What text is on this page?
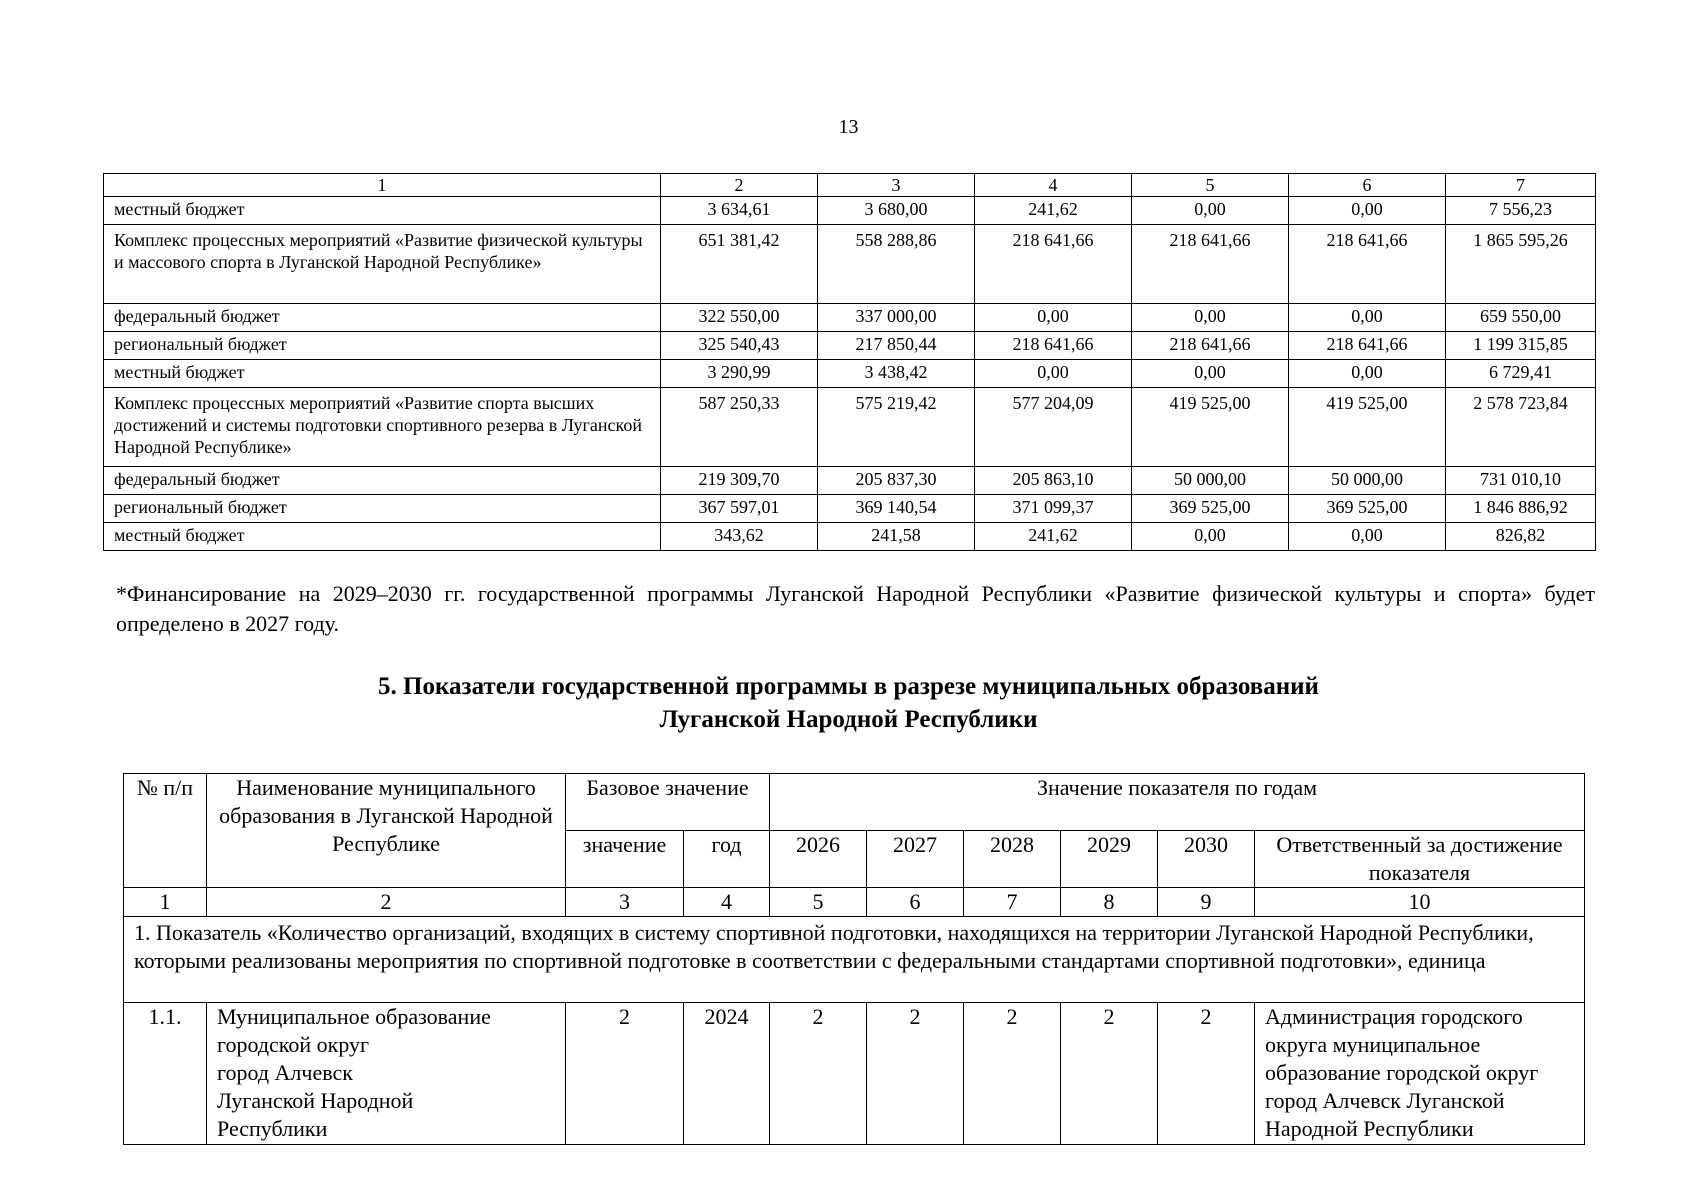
13
1	2	3	4	5	6	7
местный бюджет	3 634,61	3 680,00	241,62	0,00	0,00	7 556,23
Комплекс процессных мероприятий «Развитие физической культуры и массового спорта в Луганской Народной Республике»	651 381,42	558 288,86	218 641,66	218 641,66	218 641,66	1 865 595,26
федеральный бюджет	322 550,00	337 000,00	0,00	0,00	0,00	659 550,00
региональный бюджет	325 540,43	217 850,44	218 641,66	218 641,66	218 641,66	1 199 315,85
местный бюджет	3 290,99	3 438,42	0,00	0,00	0,00	6 729,41
Комплекс процессных мероприятий «Развитие спорта высших достижений и системы подготовки спортивного резерва в Луганской Народной Республике»	587 250,33	575 219,42	577 204,09	419 525,00	419 525,00	2 578 723,84
федеральный бюджет	219 309,70	205 837,30	205 863,10	50 000,00	50 000,00	731 010,10
региональный бюджет	367 597,01	369 140,54	371 099,37	369 525,00	369 525,00	1 846 886,92
местный бюджет	343,62	241,58	241,62	0,00	0,00	826,82
*Финансирование на 2029–2030 гг. государственной программы Луганской Народной Республики «Развитие физической культуры и спорта» будет определено в 2027 году.
5. Показатели государственной программы в разрезе муниципальных образований
Луганской Народной Республики
№ п/п	Наименование муниципального образования в Луганской Народной Республике	Базовое значение		Значение показателя по годам					
		значение	год	2026	2027	2028	2029	2030	Ответственный за достижение показателя
1	2	3	4	5	6	7	8	9	10
1. Показатель «Количество организаций, входящих в систему спортивной подготовки, находящихся на территории Луганской Народной Республики, которыми реализованы мероприятия по спортивной подготовке в соответствии с федеральными стандартами спортивной подготовки», единица									
1.1.	Муниципальное образование
городской округ
город Алчевск
Луганской Народной
Республики	2	2024	2	2	2	2	2	Администрация городского округа муниципальное образование городской округ город Алчевск Луганской Народной Республики
